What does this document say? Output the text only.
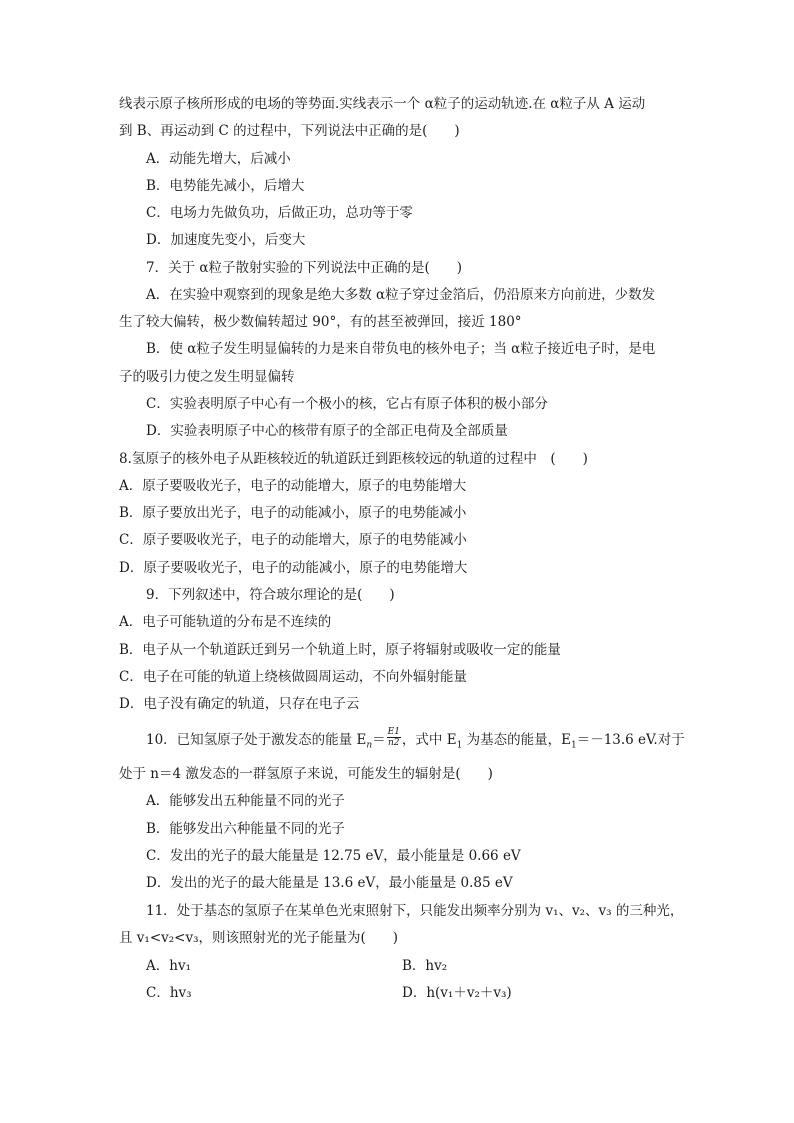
线表示原子核所形成的电场的等势面.实线表示一个 α粒子的运动轨迹.在 α粒子从 A 运动
到 B、再运动到 C 的过程中，下列说法中正确的是(　　)
A．动能先增大，后减小
B．电势能先减小，后增大
C．电场力先做负功，后做正功，总功等于零
D．加速度先变小，后变大
7．关于 α粒子散射实验的下列说法中正确的是(　　)
A．在实验中观察到的现象是绝大多数 α粒子穿过金箔后，仍沿原来方向前进，少数发
生了较大偏转，极少数偏转超过 90°，有的甚至被弹回，接近 180°
B．使 α粒子发生明显偏转的力是来自带负电的核外电子；当 α粒子接近电子时，是电
子的吸引力使之发生明显偏转
C．实验表明原子中心有一个极小的核，它占有原子体积的极小部分
D．实验表明原子中心的核带有原子的全部正电荷及全部质量
8.氢原子的核外电子从距核较近的轨道跃迁到距核较远的轨道的过程中　(　　)
A．原子要吸收光子，电子的动能增大，原子的电势能增大
B．原子要放出光子，电子的动能减小，原子的电势能减小
C．原子要吸收光子，电子的动能增大，原子的电势能减小
D．原子要吸收光子，电子的动能减小，原子的电势能增大
9．下列叙述中，符合玻尔理论的是(　　)
A．电子可能轨道的分布是不连续的
B．电子从一个轨道跃迁到另一个轨道上时，原子将辐射或吸收一定的能量
C．电子在可能的轨道上绕核做圆周运动，不向外辐射能量
D．电子没有确定的轨道，只存在电子云
10．已知氢原子处于激发态的能量 $E_n= \frac{E1}{n2}$ ，式中 $E_1$ 为基态的能量，$E_1=-13.6$ eV.对于
处于 n＝4 激发态的一群氢原子来说，可能发生的辐射是(　　)
A．能够发出五种能量不同的光子
B．能够发出六种能量不同的光子
C．发出的光子的最大能量是 12.75 eV，最小能量是 0.66 eV
D．发出的光子的最大能量是 13.6 eV，最小能量是 0.85 eV
11．处于基态的氢原子在某单色光束照射下，只能发出频率分别为 v₁、v₂、v₃ 的三种光，
且 v₁<v₂<v₃，则该照射光的光子能量为(　　)
A．hv₁	B．hv₂
C．hv₃	D．h(v₁＋v₂＋v₃)
